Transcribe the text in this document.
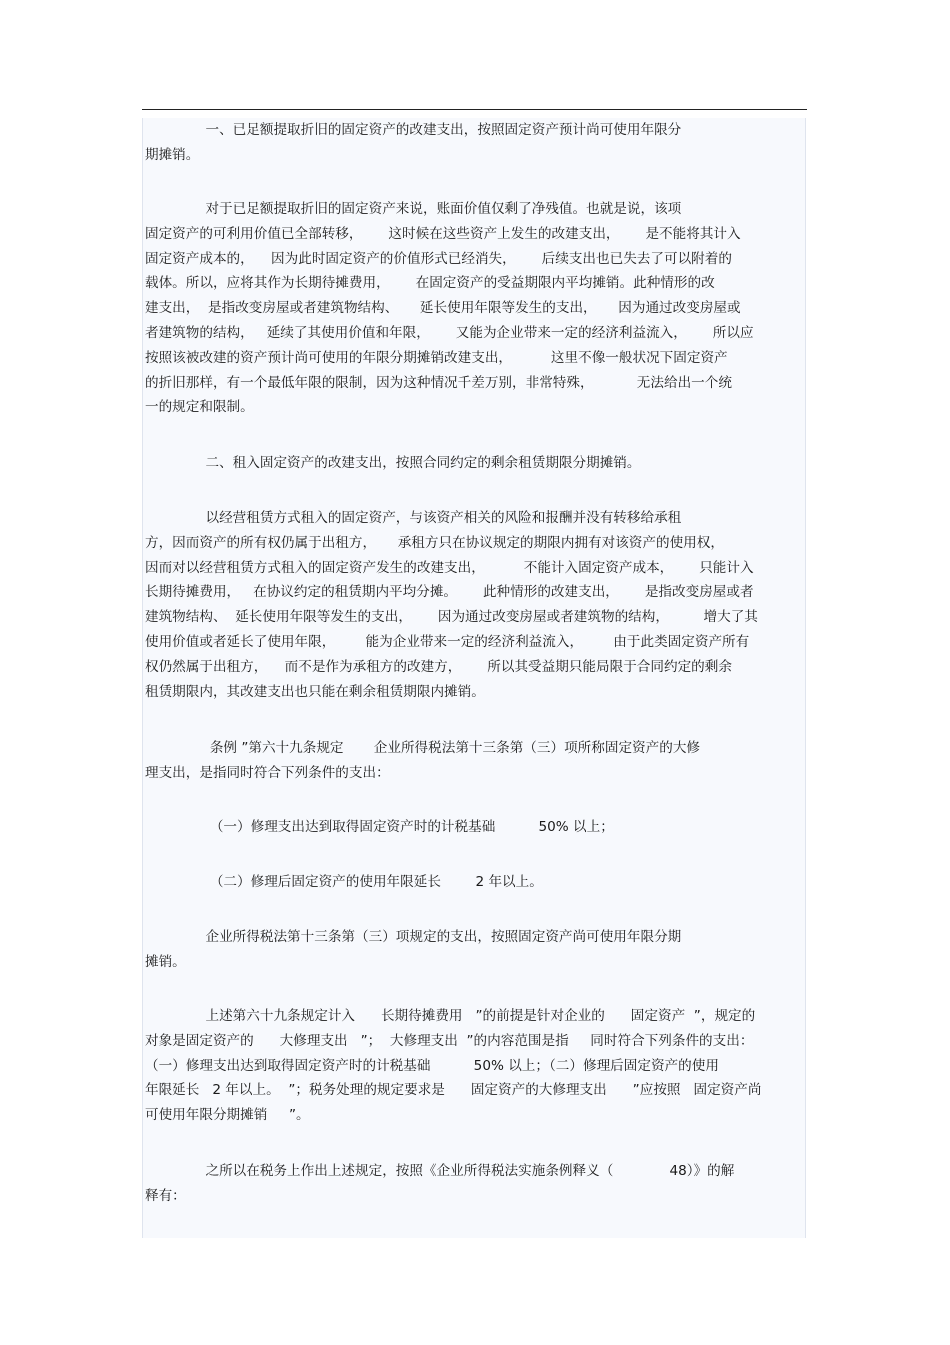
一、已足额提取折旧的固定资产的改建支出，按照固定资产预计尚可使用年限分
期摊销。
对于已足额提取折旧的固定资产来说，账面价值仅剩了净残值。也就是说，该项
固定资产的可利用价值已全部转移，      这时候在这些资产上发生的改建支出，      是不能将其计入
固定资产成本的，    因为此时固定资产的价值形式已经消失，      后续支出也已失去了可以附着的
载体。所以，应将其作为长期待摊费用，      在固定资产的受益期限内平均摊销。此种情形的改
建支出，  是指改变房屋或者建筑物结构、     延长使用年限等发生的支出，     因为通过改变房屋或
者建筑物的结构，   延续了其使用价值和年限，      又能为企业带来一定的经济利益流入，      所以应
按照该被改建的资产预计尚可使用的年限分期摊销改建支出，         这里不像一般状况下固定资产
的折旧那样，有一个最低年限的限制，因为这种情况千差万别，非常特殊，          无法给出一个统
一的规定和限制。
二、租入固定资产的改建支出，按照合同约定的剩余租赁期限分期摊销。
以经营租赁方式租入的固定资产，与该资产相关的风险和报酬并没有转移给承租
方，因而资产的所有权仍属于出租方，     承租方只在协议规定的期限内拥有对该资产的使用权，
因而对以经营租赁方式租入的固定资产发生的改建支出，         不能计入固定资产成本，      只能计入
长期待摊费用，   在协议约定的租赁期内平均分摊。      此种情形的改建支出，      是指改变房屋或者
建筑物结构、  延长使用年限等发生的支出，      因为通过改变房屋或者建筑物的结构，        增大了其
使用价值或者延长了使用年限，       能为企业带来一定的经济利益流入，       由于此类固定资产所有
权仍然属于出租方，    而不是作为承租方的改建方，      所以其受益期只能局限于合同约定的剩余
租赁期限内，其改建支出也只能在剩余租赁期限内摊销。
条例 ”第六十九条规定       企业所得税法第十三条第（三）项所称固定资产的大修
理支出，是指同时符合下列条件的支出：
（一）修理支出达到取得固定资产时的计税基础          50% 以上；
（二）修理后固定资产的使用年限延长        2 年以上。
企业所得税法第十三条第（三）项规定的支出，按照固定资产尚可使用年限分期
摊销。
上述第六十九条规定计入      长期待摊费用   ”的前提是针对企业的      固定资产  ”，规定的
对象是固定资产的      大修理支出   ”；  大修理支出  ”的内容范围是指     同时符合下列条件的支出：
（一）修理支出达到取得固定资产时的计税基础          50% 以上；（二）修理后固定资产的使用
年限延长   2 年以上。  ”；税务处理的规定要求是      固定资产的大修理支出      ”应按照   固定资产尚
可使用年限分期摊销     ”。
之所以在税务上作出上述规定，按照《企业所得税法实施条例释义（             48）》的解
释有：
